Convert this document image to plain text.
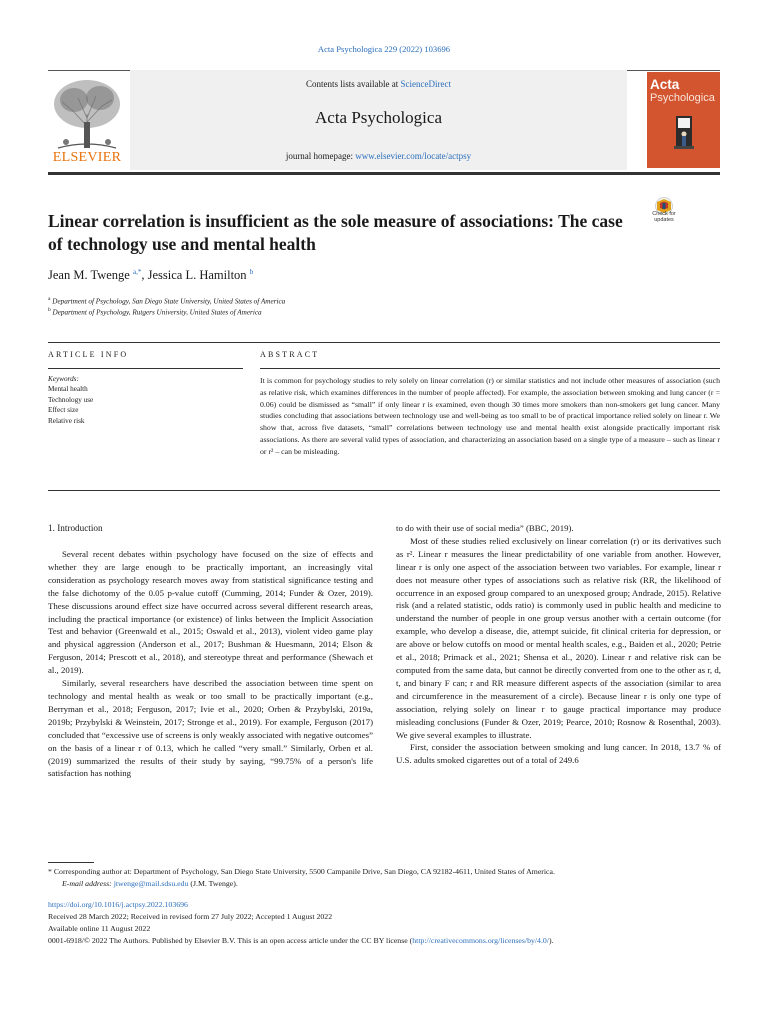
Acta Psychologica 229 (2022) 103696
ELSEVIER
Contents lists available at ScienceDirect
Acta Psychologica
journal homepage: www.elsevier.com/locate/actpsy
Acta
Psychologica
Linear correlation is insufficient as the sole measure of associations: The case of technology use and mental health
Check for
updates
Jean M. Twenge $^{a,*}$, Jessica L. Hamilton $^b$
$^a$ Department of Psychology, San Diego State University, United States of America
$^b$ Department of Psychology, Rutgers University, United States of America
ARTICLE INFO	ABSTRACT
Keywords:
Mental health
Technology use
Effect size
Relative risk
It is common for psychology studies to rely solely on linear correlation (r) or similar statistics and not include other measures of association (such as relative risk, which examines differences in the number of people affected). For example, the association between smoking and lung cancer (r = 0.06) could be dismissed as “small” if only linear r is examined, even though 30 times more smokers than non-smokers get lung cancer. Many studies concluding that associations between technology use and well-being as too small to be of practical importance relied solely on linear r. We show that, across five datasets, “small” correlations between technology use and mental health exist alongside practically important risk associations. As there are several valid types of association, and characterizing an association based on a single type of a measure – such as linear r or r² – can be misleading.
1. Introduction

Several recent debates within psychology have focused on the size of effects and whether they are large enough to be practically important, an increasingly vital consideration as psychology research moves away from statistical significance testing and the false dichotomy of the 0.05 p-value cutoff (Cumming, 2014; Funder & Ozer, 2019). These discussions around effect size have occurred across several different research areas, including the practical importance (or existence) of links between the Implicit Association Test and behavior (Greenwald et al., 2015; Oswald et al., 2013), violent video game play and physical aggression (Anderson et al., 2017; Bushman & Huesmann, 2014; Elson & Ferguson, 2014; Prescott et al., 2018), and stereotype threat and performance (Shewach et al., 2019).

Similarly, several researchers have described the association between time spent on technology and mental health as weak or too small to be practically important (e.g., Berryman et al., 2018; Ferguson, 2017; Ivie et al., 2020; Orben & Przybylski, 2019a, 2019b; Przybylski & Weinstein, 2017; Stronge et al., 2019). For example, Ferguson (2017) concluded that “excessive use of screens is only weakly associated with negative outcomes” on the basis of a linear r of 0.13, which he called “very small.” Similarly, Orben et al. (2019) summarized the results of their study by saying, “99.75% of a person's life satisfaction has nothing

to do with their use of social media” (BBC, 2019).

Most of these studies relied exclusively on linear correlation (r) or its derivatives such as r². Linear r measures the linear predictability of one variable from another. However, linear r is only one aspect of the association between two variables. For example, linear r does not measure other types of associations such as relative risk (RR, the likelihood of occurrence in an exposed group compared to an unexposed group; Andrade, 2015). Relative risk (and a related statistic, odds ratio) is commonly used in public health and medicine to understand the number of people in one group versus another with a certain outcome (for example, who develop a disease, die, attempt suicide, fit clinical criteria for depression, or are above or below cutoffs on mood or mental health scales, e.g., Baiden et al., 2020; Petrie et al., 2018; Primack et al., 2021; Shensa et al., 2020). Linear r and relative risk can be computed from the same data, but cannot be directly converted from one to the other as r, d, t, and binary F can; r and RR measure different aspects of the association (similar to area and circumference in the measurement of a circle). Because linear r is only one type of association, relying solely on linear r to gauge practical importance may produce misleading conclusions (Funder & Ozer, 2019; Pearce, 2010; Rosnow & Rosenthal, 2003). We give several examples to illustrate.

First, consider the association between smoking and lung cancer. In 2018, 13.7 % of U.S. adults smoked cigarettes out of a total of 249.6

* Corresponding author at: Department of Psychology, San Diego State University, 5500 Campanile Drive, San Diego, CA 92182-4611, United States of America.
E-mail address: jtwenge@mail.sdsu.edu (J.M. Twenge).
https://doi.org/10.1016/j.actpsy.2022.103696
Received 28 March 2022; Received in revised form 27 July 2022; Accepted 1 August 2022
Available online 11 August 2022
0001-6918/© 2022 The Authors. Published by Elsevier B.V. This is an open access article under the CC BY license (http://creativecommons.org/licenses/by/4.0/).
